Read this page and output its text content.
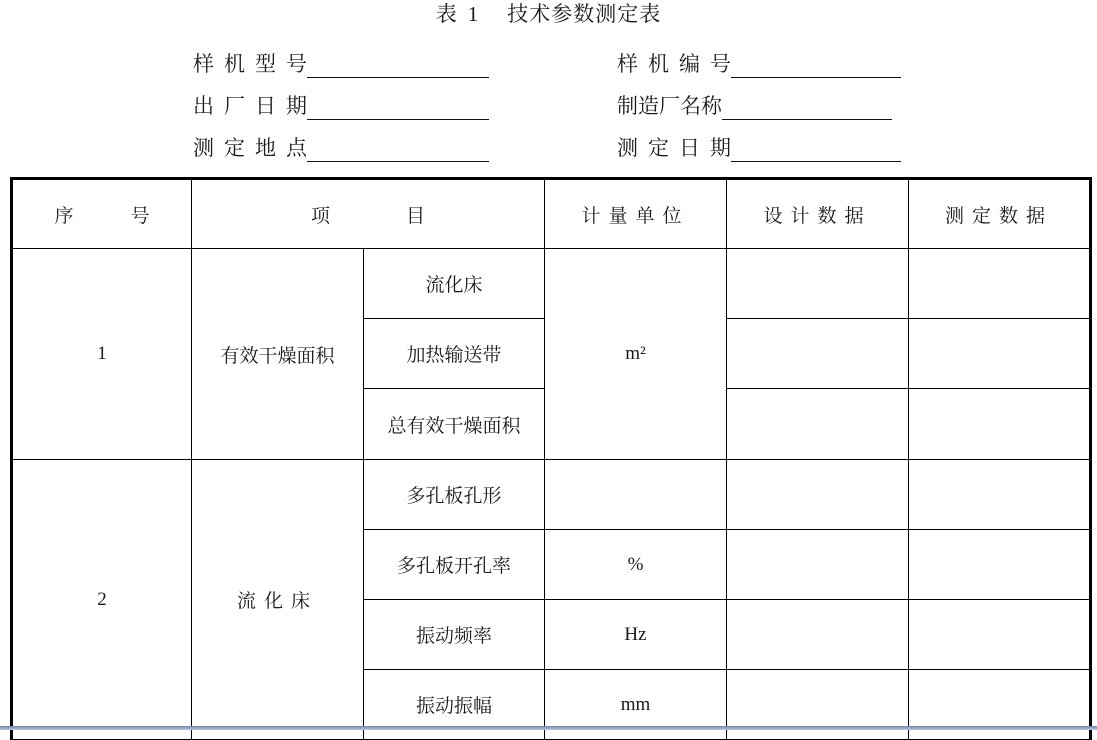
表 1 技术参数测定表
样机型号
出厂日期
测定地点
样机编号
制造厂名称
测定日期
序　　　号	项　　　　目		计量单位	设计数据	测定数据
1	有效干燥面积	流化床	m²		
		加热输送带			
		总有效干燥面积			
2	流化床	多孔板孔形			
		多孔板开孔率	%		
		振动频率	Hz		
		振动振幅	mm		
